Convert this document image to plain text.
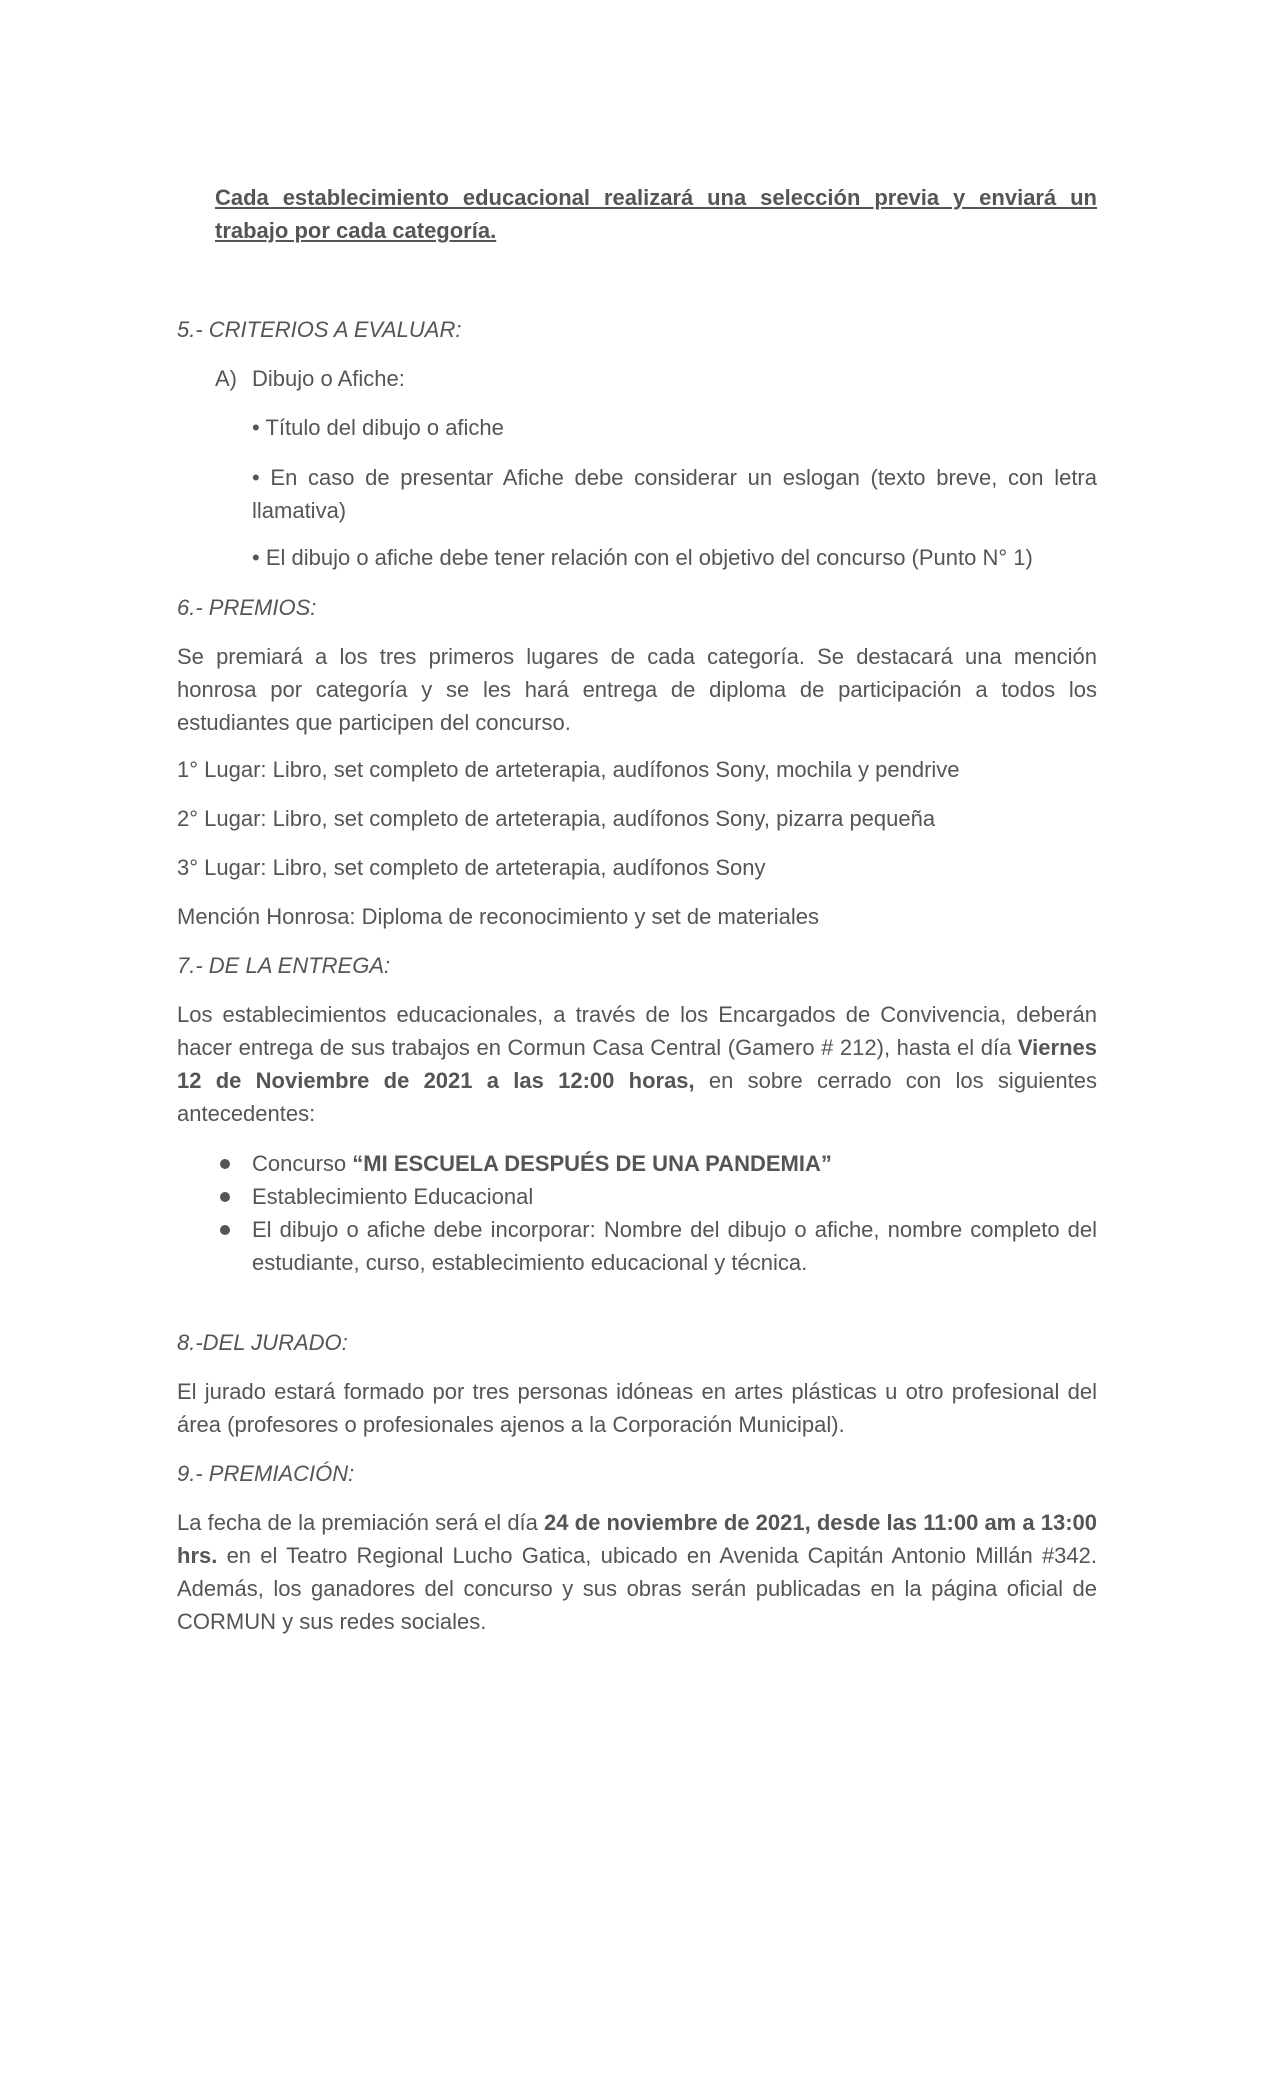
Cada establecimiento educacional realizará una selección previa y enviará un trabajo por cada categoría.
5.- CRITERIOS A EVALUAR:
A) Dibujo o Afiche:
• Título del dibujo o afiche
• En caso de presentar Afiche debe considerar un eslogan (texto breve, con letra llamativa)
• El dibujo o afiche debe tener relación con el objetivo del concurso (Punto N° 1)
6.- PREMIOS:
Se premiará a los tres primeros lugares de cada categoría. Se destacará una mención honrosa por categoría y se les hará entrega de diploma de participación a todos los estudiantes que participen del concurso.
1° Lugar: Libro, set completo de arteterapia, audífonos Sony, mochila y pendrive
2° Lugar: Libro, set completo de arteterapia, audífonos Sony, pizarra pequeña
3° Lugar: Libro, set completo de arteterapia, audífonos Sony
Mención Honrosa: Diploma de reconocimiento y set de materiales
7.- DE LA ENTREGA:
Los establecimientos educacionales, a través de los Encargados de Convivencia, deberán hacer entrega de sus trabajos en Cormun Casa Central (Gamero # 212), hasta el día Viernes 12 de Noviembre de 2021 a las 12:00 horas, en sobre cerrado con los siguientes antecedentes:
Concurso “MI ESCUELA DESPUÉS DE UNA PANDEMIA”
Establecimiento Educacional
El dibujo o afiche debe incorporar: Nombre del dibujo o afiche, nombre completo del estudiante, curso, establecimiento educacional y técnica.
8.-DEL JURADO:
El jurado estará formado por tres personas idóneas en artes plásticas u otro profesional del área (profesores o profesionales ajenos a la Corporación Municipal).
9.- PREMIACIÓN:
La fecha de la premiación será el día 24 de noviembre de 2021, desde las 11:00 am a 13:00 hrs. en el Teatro Regional Lucho Gatica, ubicado en Avenida Capitán Antonio Millán #342. Además, los ganadores del concurso y sus obras serán publicadas en la página oficial de CORMUN y sus redes sociales.
